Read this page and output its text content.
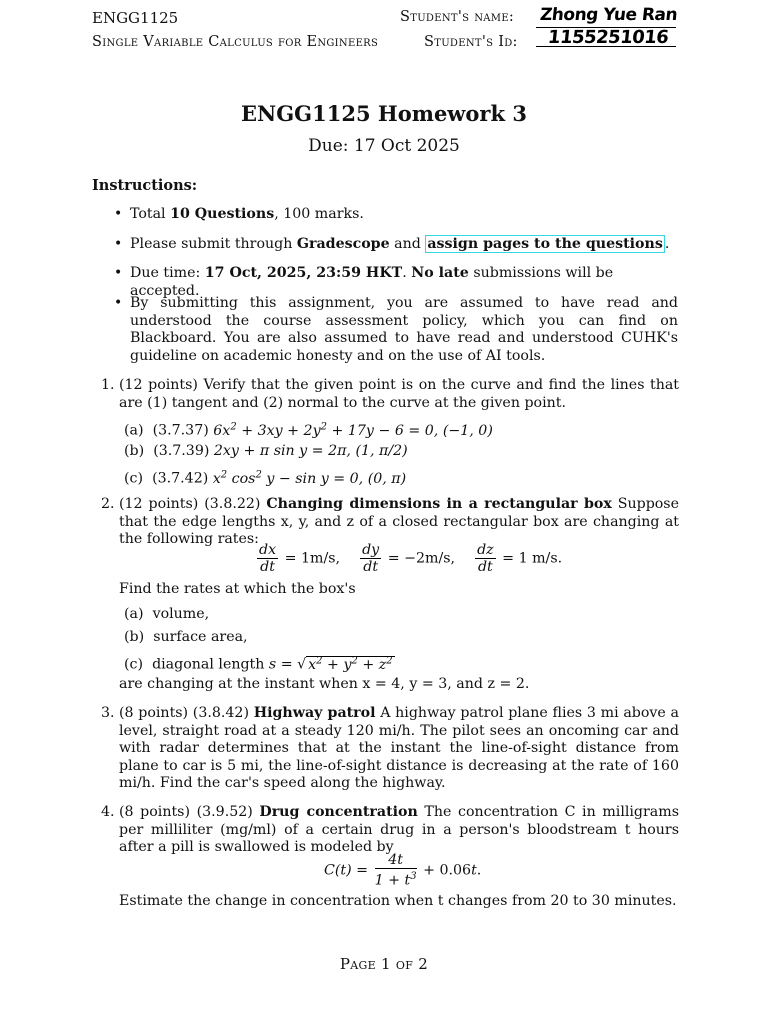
ENGG1125
Single Variable Calculus for Engineers
Student's name:
Student's Id:
Zhong Yue Ran
1155251016
ENGG1125 Homework 3
Due: 17 Oct 2025
Instructions:
• Total 10 Questions, 100 marks.
• Please submit through Gradescope and assign pages to the questions .
• Due time: 17 Oct, 2025, 23:59 HKT. No late submissions will be accepted.
• By submitting this assignment, you are assumed to have read and understood the course assessment policy, which you can find on Blackboard. You are also assumed to have read and understood CUHK's guideline on academic honesty and on the use of AI tools.
1. (12 points) Verify that the given point is on the curve and find the lines that are (1) tangent and (2) normal to the curve at the given point.
(a) (3.7.37) $6x^2 + 3xy + 2y^2 + 17y - 6 = 0$, (−1, 0)
(b) (3.7.39) 2xy + π sin y = 2π, (1, π/2)
(c) (3.7.42) $x^2$ $\cos^2 y - \sin y = 0$, (0, π)
2. (12 points) (3.8.22) Changing dimensions in a rectangular box Suppose that the edge lengths x, y, and z of a closed rectangular box are changing at the following rates:
$\frac{dx}{dt} = 1m/s$, $\frac{dy}{dt} = -2m/s$, $\frac{dz}{dt} = 1$ m/s.
Find the rates at which the box's
(a) volume,
(b) surface area,
(c) diagonal length s = √ $x^2 + y^2 + z^2$
are changing at the instant when x = 4, y = 3, and z = 2.
3. (8 points) (3.8.42) Highway patrol A highway patrol plane flies 3 mi above a level, straight road at a steady 120 mi/h. The pilot sees an oncoming car and with radar determines that at the instant the line-of-sight distance from plane to car is 5 mi, the line-of-sight distance is decreasing at the rate of 160 mi/h. Find the car's speed along the highway.
4. (8 points) (3.9.52) Drug concentration The concentration C in milligrams per milliliter (mg/ml) of a certain drug in a person's bloodstream t hours after a pill is swallowed is modeled by
$C(t) = \frac{4t}{1 + t^3} + 0.06t$.
Estimate the change in concentration when t changes from 20 to 30 minutes.
Page 1 of 2
